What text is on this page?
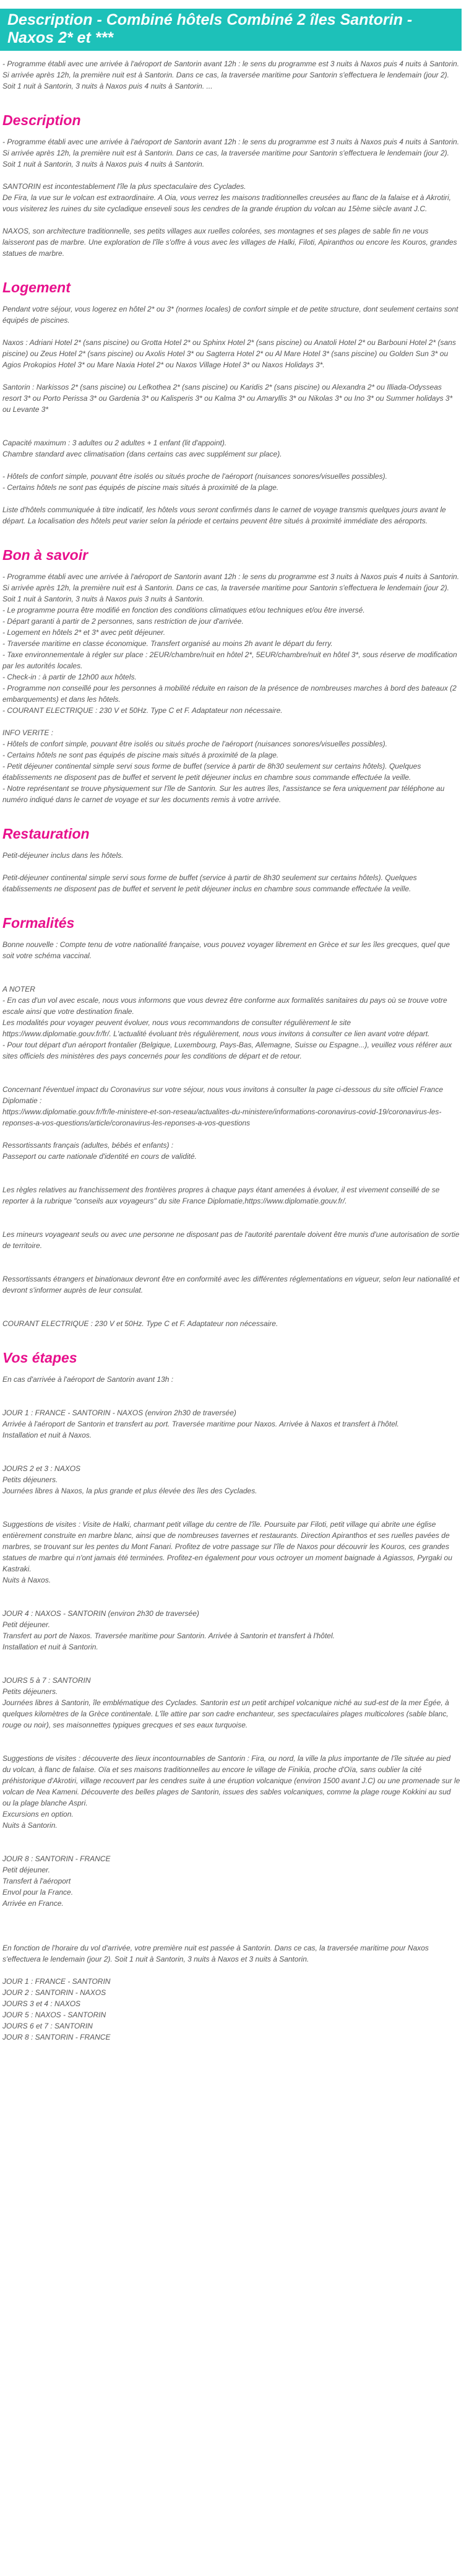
Description - Combiné hôtels Combiné 2 îles Santorin - Naxos 2* et ***

- Programme établi avec une arrivée à l'aéroport de Santorin avant 12h : le sens du programme est 3 nuits à Naxos puis 4 nuits à Santorin. Si arrivée après 12h, la première nuit est à Santorin. Dans ce cas, la traversée maritime pour Santorin s'effectuera le lendemain (jour 2). Soit 1 nuit à Santorin, 3 nuits à Naxos puis 4 nuits à Santorin. ...

Description

- Programme établi avec une arrivée à l'aéroport de Santorin avant 12h : le sens du programme est 3 nuits à Naxos puis 4 nuits à Santorin. Si arrivée après 12h, la première nuit est à Santorin. Dans ce cas, la traversée maritime pour Santorin s'effectuera le lendemain (jour 2). Soit 1 nuit à Santorin, 3 nuits à Naxos puis 4 nuits à Santorin.

SANTORIN est incontestablement l'île la plus spectaculaire des Cyclades.
De Fira, la vue sur le volcan est extraordinaire. A Oia, vous verrez les maisons traditionnelles creusées au flanc de la falaise et à Akrotiri, vous visiterez les ruines du site cycladique enseveli sous les cendres de la grande éruption du volcan au 15ème siècle avant J.C.

NAXOS, son architecture traditionnelle, ses petits villages aux ruelles colorées, ses montagnes et ses plages de sable fin ne vous laisseront pas de marbre. Une exploration de l'île s'offre à vous avec les villages de Halki, Filoti, Apiranthos ou encore les Kouros, grandes statues de marbre.

Logement

Pendant votre séjour, vous logerez en hôtel 2* ou 3* (normes locales) de confort simple et de petite structure, dont seulement certains sont équipés de piscines.

Naxos : Adriani Hotel 2* (sans piscine) ou Grotta Hotel 2* ou Sphinx Hotel 2* (sans piscine) ou Anatoli Hotel 2* ou Barbouni Hotel 2* (sans piscine) ou Zeus Hotel 2* (sans piscine) ou Axolis Hotel 3* ou Sagterra Hotel 2* ou Al Mare Hotel 3* (sans piscine) ou Golden Sun 3* ou Agios Prokopios Hotel 3* ou Mare Naxia Hotel 2* ou Naxos Village Hotel 3* ou Naxos Holidays 3*.

Santorin : Narkissos 2* (sans piscine) ou Lefkothea 2* (sans piscine) ou Karidis 2* (sans piscine) ou Alexandra 2* ou Illiada-Odysseas resort 3* ou Porto Perissa 3* ou Gardenia 3* ou Kalisperis 3* ou Kalma 3* ou Amaryllis 3* ou Nikolas 3* ou Ino 3* ou Summer holidays 3* ou Levante 3*

Capacité maximum : 3 adultes ou 2 adultes + 1 enfant (lit d'appoint).
Chambre standard avec climatisation (dans certains cas avec supplément sur place).

- Hôtels de confort simple, pouvant être isolés ou situés proche de l'aéroport (nuisances sonores/visuelles possibles).
- Certains hôtels ne sont pas équipés de piscine mais situés à proximité de la plage.

Liste d'hôtels communiquée à titre indicatif, les hôtels vous seront confirmés dans le carnet de voyage transmis quelques jours avant le départ. La localisation des hôtels peut varier selon la période et certains peuvent être situés à proximité immédiate des aéroports.

Bon à savoir

- Programme établi avec une arrivée à l'aéroport de Santorin avant 12h : le sens du programme est 3 nuits à Naxos puis 4 nuits à Santorin. Si arrivée après 12h, la première nuit est à Santorin. Dans ce cas, la traversée maritime pour Santorin s'effectuera le lendemain (jour 2). Soit 1 nuit à Santorin, 3 nuits à Naxos puis 3 nuits à Santorin.
- Le programme pourra être modifié en fonction des conditions climatiques et/ou techniques et/ou être inversé.
- Départ garanti à partir de 2 personnes, sans restriction de jour d'arrivée.
- Logement en hôtels 2* et 3* avec petit déjeuner.
- Traversée maritime en classe économique. Transfert organisé au moins 2h avant le départ du ferry.
- Taxe environnementale à régler sur place : 2EUR/chambre/nuit en hôtel 2*, 5EUR/chambre/nuit en hôtel 3*, sous réserve de modification par les autorités locales.
- Check-in : à partir de 12h00 aux hôtels.
- Programme non conseillé pour les personnes à mobilité réduite en raison de la présence de nombreuses marches à bord des bateaux (2 embarquements) et dans les hôtels.
- COURANT ELECTRIQUE : 230 V et 50Hz. Type C et F. Adaptateur non nécessaire.

INFO VERITE :
- Hôtels de confort simple, pouvant être isolés ou situés proche de l'aéroport (nuisances sonores/visuelles possibles).
- Certains hôtels ne sont pas équipés de piscine mais situés à proximité de la plage.
- Petit déjeuner continental simple servi sous forme de buffet (service à partir de 8h30 seulement sur certains hôtels). Quelques établissements ne disposent pas de buffet et servent le petit déjeuner inclus en chambre sous commande effectuée la veille.
- Notre représentant se trouve physiquement sur l'île de Santorin. Sur les autres îles, l'assistance se fera uniquement par téléphone au numéro indiqué dans le carnet de voyage et sur les documents remis à votre arrivée.

Restauration

Petit-déjeuner inclus dans les hôtels.

Petit-déjeuner continental simple servi sous forme de buffet (service à partir de 8h30 seulement sur certains hôtels). Quelques établissements ne disposent pas de buffet et servent le petit déjeuner inclus en chambre sous commande effectuée la veille.

Formalités

Bonne nouvelle : Compte tenu de votre nationalité française, vous pouvez voyager librement en Grèce et sur les îles grecques, quel que soit votre schéma vaccinal.

A NOTER
- En cas d'un vol avec escale, nous vous informons que vous devrez être conforme aux formalités sanitaires du pays où se trouve votre escale ainsi que votre destination finale.
Les modalités pour voyager peuvent évoluer, nous vous recommandons de consulter régulièrement le site https://www.diplomatie.gouv.fr/fr/. L'actualité évoluant très régulièrement, nous vous invitons à consulter ce lien avant votre départ.
- Pour tout départ d'un aéroport frontalier (Belgique, Luxembourg, Pays-Bas, Allemagne, Suisse ou Espagne...), veuillez vous référer aux sites officiels des ministères des pays concernés pour les conditions de départ et de retour.

Concernant l'éventuel impact du Coronavirus sur votre séjour, nous vous invitons à consulter la page ci-dessous du site officiel France Diplomatie :
https://www.diplomatie.gouv.fr/fr/le-ministere-et-son-reseau/actualites-du-ministere/informations-coronavirus-covid-19/coronavirus-les-reponses-a-vos-questions/article/coronavirus-les-reponses-a-vos-questions

Ressortissants français (adultes, bébés et enfants) :
Passeport ou carte nationale d'identité en cours de validité.

Les règles relatives au franchissement des frontières propres à chaque pays étant amenées à évoluer, il est vivement conseillé de se reporter à la rubrique "conseils aux voyageurs" du site France Diplomatie,https://www.diplomatie.gouv.fr/.

Les mineurs voyageant seuls ou avec une personne ne disposant pas de l'autorité parentale doivent être munis d'une autorisation de sortie de territoire.

Ressortissants étrangers et binationaux devront être en conformité avec les différentes réglementations en vigueur, selon leur nationalité et devront s'informer auprès de leur consulat.

COURANT ELECTRIQUE : 230 V et 50Hz. Type C et F. Adaptateur non nécessaire.

Vos étapes

En cas d'arrivée à l'aéroport de Santorin avant 13h :

JOUR 1 : FRANCE - SANTORIN - NAXOS (environ 2h30 de traversée)
Arrivée à l'aéroport de Santorin et transfert au port. Traversée maritime pour Naxos. Arrivée à Naxos et transfert à l'hôtel.
Installation et nuit à Naxos.

JOURS 2 et 3 : NAXOS
Petits déjeuners.
Journées libres à Naxos, la plus grande et plus élevée des îles des Cyclades.

Suggestions de visites : Visite de Halki, charmant petit village du centre de l'île. Poursuite par Filoti, petit village qui abrite une église entièrement construite en marbre blanc, ainsi que de nombreuses tavernes et restaurants. Direction Apiranthos et ses ruelles pavées de marbres, se trouvant sur les pentes du Mont Fanari. Profitez de votre passage sur l'île de Naxos pour découvrir les Kouros, ces grandes statues de marbre qui n'ont jamais été terminées. Profitez-en également pour vous octroyer un moment baignade à Agiassos, Pyrgaki ou Kastraki.
Nuits à Naxos.

JOUR 4 : NAXOS - SANTORIN (environ 2h30 de traversée)
Petit déjeuner.
Transfert au port de Naxos. Traversée maritime pour Santorin. Arrivée à Santorin et transfert à l'hôtel.
Installation et nuit à Santorin.

JOURS 5 à 7 : SANTORIN
Petits déjeuners.
Journées libres à Santorin, île emblématique des Cyclades. Santorin est un petit archipel volcanique niché au sud-est de la mer Égée, à quelques kilomètres de la Grèce continentale. L'île attire par son cadre enchanteur, ses spectaculaires plages multicolores (sable blanc, rouge ou noir), ses maisonnettes typiques grecques et ses eaux turquoise.

Suggestions de visites : découverte des lieux incontournables de Santorin : Fira, ou nord, la ville la plus importante de l'île située au pied du volcan, à flanc de falaise. Oïa et ses maisons traditionnelles au encore le village de Finikia, proche d'Oïa, sans oublier la cité préhistorique d'Akrotiri, village recouvert par les cendres suite à une éruption volcanique (environ 1500 avant J.C) ou une promenade sur le volcan de Nea Kameni. Découverte des belles plages de Santorin, issues des sables volcaniques, comme la plage rouge Kokkini au sud ou la plage blanche Aspri.
Excursions en option.
Nuits à Santorin.

JOUR 8 : SANTORIN - FRANCE
Petit déjeuner.
Transfert à l'aéroport
Envol pour la France.
Arrivée en France.

En fonction de l'horaire du vol d'arrivée, votre première nuit est passée à Santorin. Dans ce cas, la traversée maritime pour Naxos s'effectuera le lendemain (jour 2). Soit 1 nuit à Santorin, 3 nuits à Naxos et 3 nuits à Santorin.

JOUR 1 : FRANCE - SANTORIN
JOUR 2 : SANTORIN - NAXOS
JOURS 3 et 4 : NAXOS
JOUR 5 : NAXOS - SANTORIN
JOURS 6 et 7 : SANTORIN
JOUR 8 : SANTORIN - FRANCE
